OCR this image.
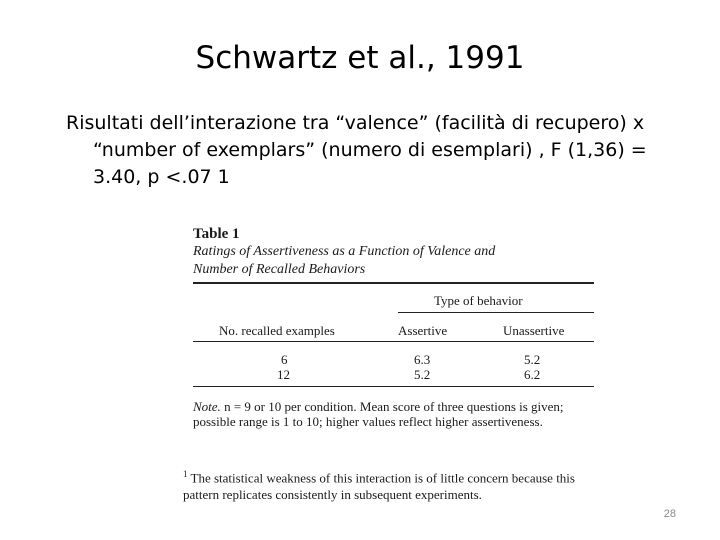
Schwartz et al., 1991
Risultati dell’interazione tra “valence” (facilità di recupero) x
“number of exemplars” (numero di esemplari) , F (1,36) =
3.40, p <.07 1
Table 1
Ratings of Assertiveness as a Function of Valence and
Number of Recalled Behaviors
Type of behavior
No. recalled examples	Assertive	Unassertive
6	6.3	5.2
12	5.2	6.2
Note. n = 9 or 10 per condition. Mean score of three questions is given; possible range is 1 to 10; higher values reflect higher assertiveness.
$^1$ The statistical weakness of this interaction is of little concern because this pattern replicates consistently in subsequent experiments.
28
